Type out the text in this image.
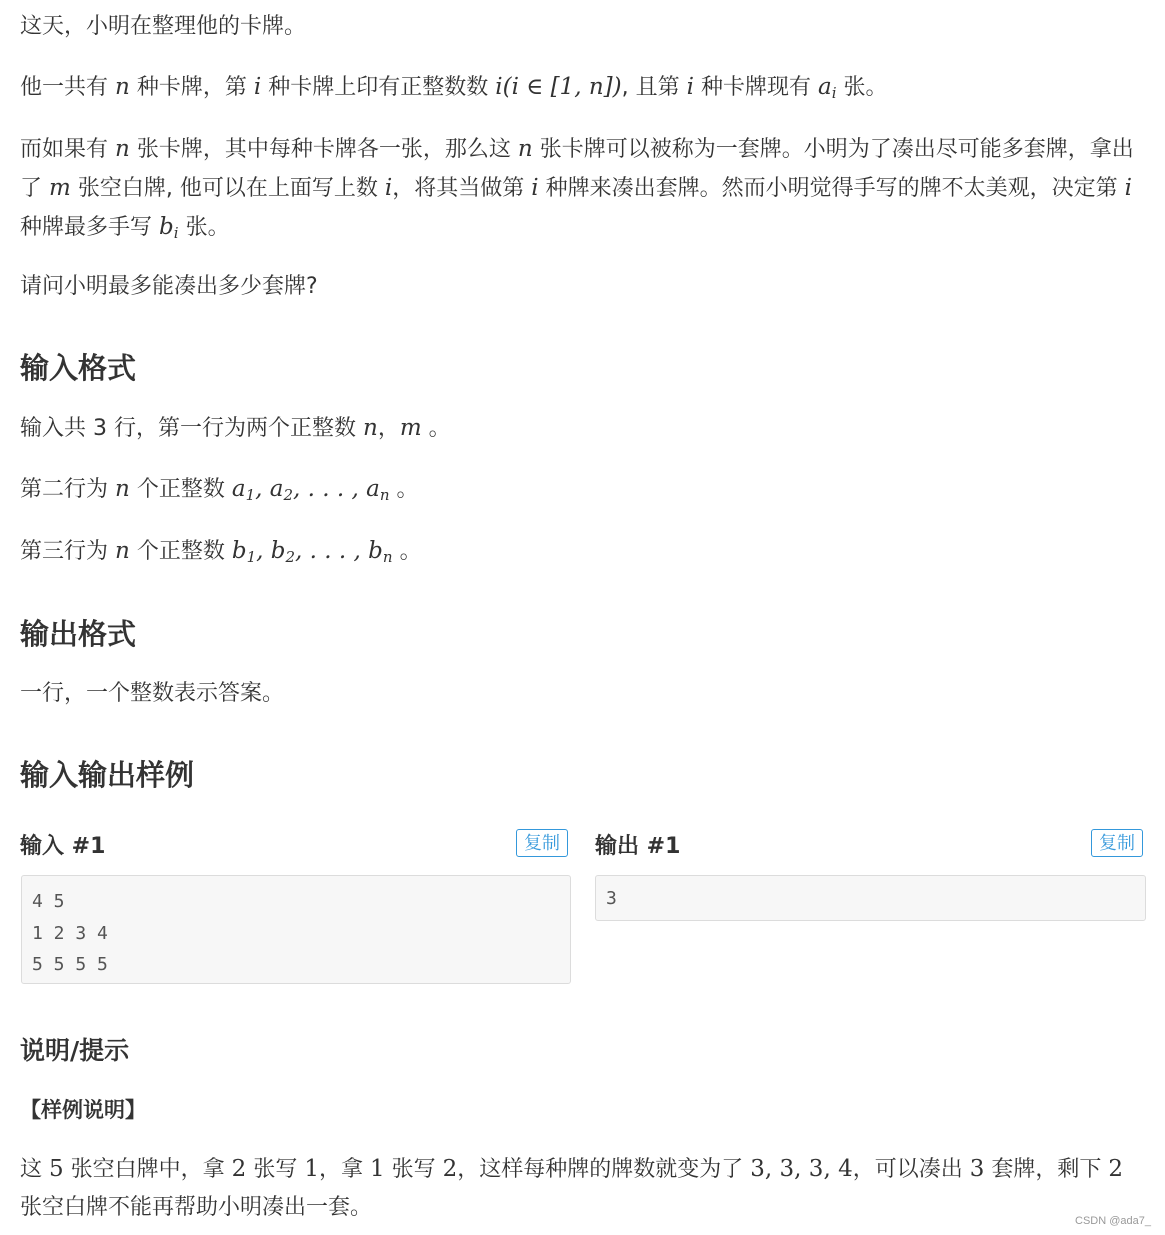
这天，小明在整理他的卡牌。

他一共有 n 种卡牌，第 i 种卡牌上印有正整数数 i(i ∈ [1, n]), 且第 i 种卡牌现有 $a_i$ 张。

而如果有 n 张卡牌，其中每种卡牌各一张，那么这 n 张卡牌可以被称为一套牌。小明为了凑出尽可能多套牌，拿出了 m 张空白牌, 他可以在上面写上数 i，将其当做第 i 种牌来凑出套牌。然而小明觉得手写的牌不太美观，决定第 i 种牌最多手写 $b_i$ 张。

请问小明最多能凑出多少套牌?

输入格式

输入共 3 行，第一行为两个正整数 n，m 。

第二行为 n 个正整数 $a_1$, $a_2$, . . . , $a_n$ 。

第三行为 n 个正整数 $b_1$, $b_2$, . . . , $b_n$ 。

输出格式

一行，一个整数表示答案。

输入输出样例
输入 #1	复制
4 5
1 2 3 4
5 5 5 5
输出 #1	复制
3
说明/提示
【样例说明】

这 5 张空白牌中，拿 2 张写 1，拿 1 张写 2，这样每种牌的牌数就变为了 3, 3, 3, 4，可以凑出 3 套牌，剩下 2 张空白牌不能再帮助小明凑出一套。

CSDN @ada7_
